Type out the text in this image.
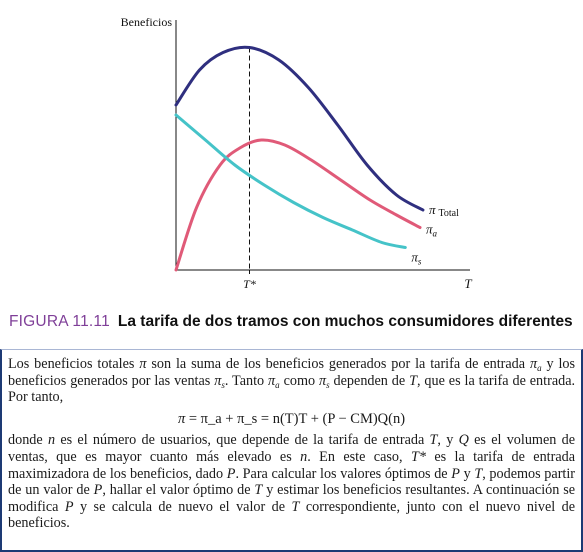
Beneficios
T
T*
π Total
$\pi_a$
$\pi_s$
FIGURA 11.11 La tarifa de dos tramos con muchos consumidores diferentes

Los beneficios totales π son la suma de los beneficios generados por la tarifa de entrada $\pi_a$ y los beneficios generados por las ventas $\pi_s$. Tanto $\pi_a$ como $\pi_s$ dependen de T, que es la tarifa de entrada. Por tanto,

π = π_a + π_s = n(T)T + (P − CM)Q(n)

donde n es el número de usuarios, que depende de la tarifa de entrada T, y Q es el volumen de ventas, que es mayor cuanto más elevado es n. En este caso, T* es la tarifa de entrada maximizadora de los beneficios, dado P. Para calcular los valores óptimos de P y T, podemos partir de un valor de P, hallar el valor óptimo de T y estimar los beneficios resultantes. A continuación se modifica P y se calcula de nuevo el valor de T correspondiente, junto con el nuevo nivel de beneficios.
